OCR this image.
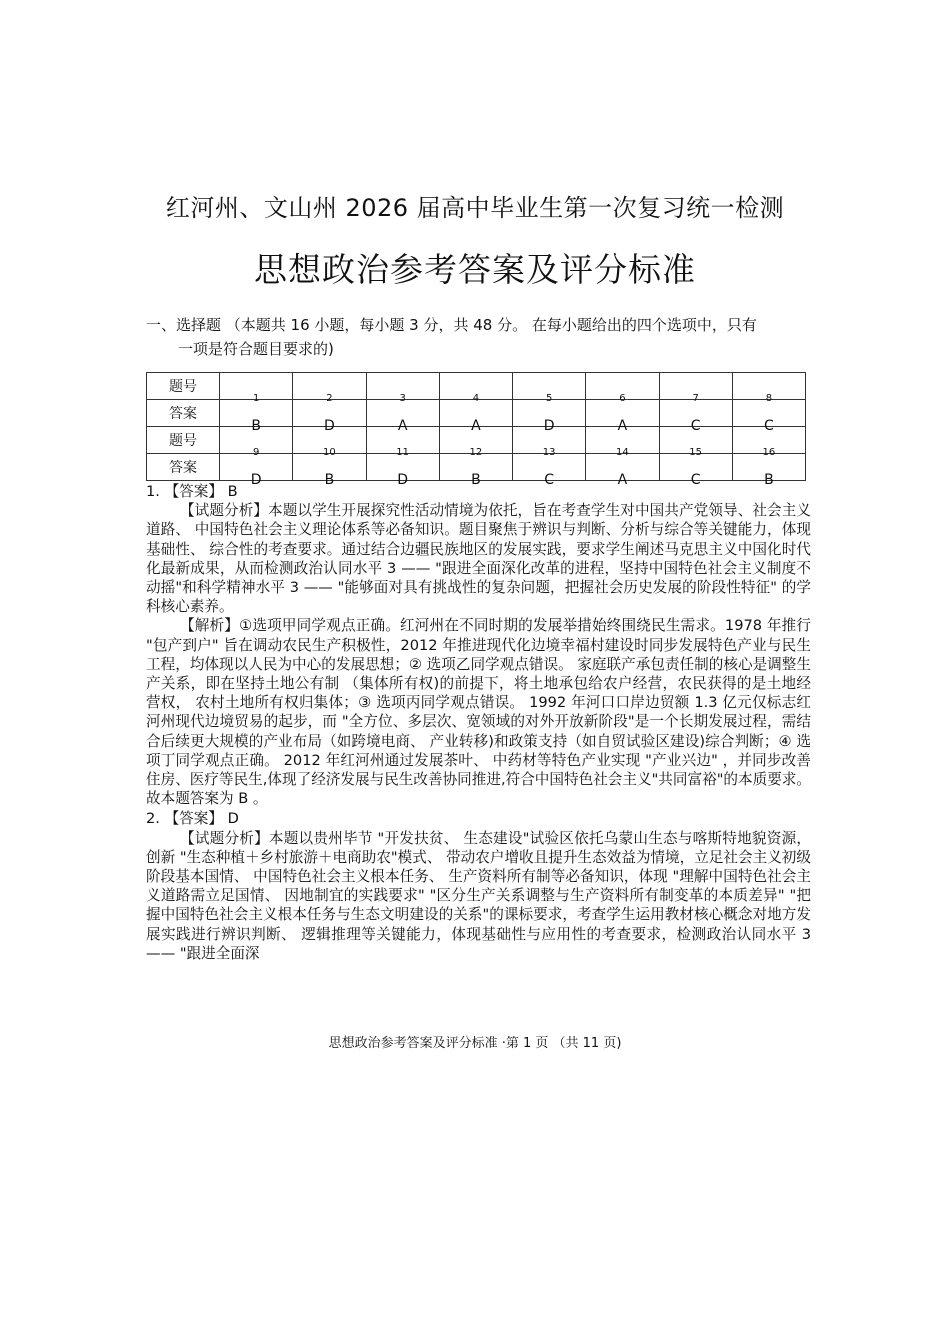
红河州、文山州 2026 届高中毕业生第一次复习统一检测
思想政治参考答案及评分标准
一、选择题 （本题共 16 小题，每小题 3 分，共 48 分。 在每小题给出的四个选项中，只有
一项是符合题目要求的)
题号	1	2	3	4	5	6	7	8

答案	B	D	A	A	D	A	C	C

题号	9	10	11	12	13	14	15	16

答案	D	B	D	B	C	A	C	B

1. 【答案】 B

【试题分析】本题以学生开展探究性活动情境为依托，旨在考查学生对中国共产党领导、社会主义道路、 中国特色社会主义理论体系等必备知识。题目聚焦于辨识与判断、分析与综合等关键能力，体现基础性、 综合性的考查要求。通过结合边疆民族地区的发展实践，要求学生阐述马克思主义中国化时代化最新成果，从而检测政治认同水平 3 —— "跟进全面深化改革的进程，坚持中国特色社会主义制度不动摇"和科学精神水平 3 —— "能够面对具有挑战性的复杂问题，把握社会历史发展的阶段性特征" 的学科核心素养。

【解析】①选项甲同学观点正确。红河州在不同时期的发展举措始终围绕民生需求。1978 年推行 "包产到户" 旨在调动农民生产积极性，2012 年推进现代化边境幸福村建设时同步发展特色产业与民生工程，均体现以人民为中心的发展思想；② 选项乙同学观点错误。 家庭联产承包责任制的核心是调整生产关系，即在坚持土地公有制 （集体所有权)的前提下，将土地承包给农户经营，农民获得的是土地经营权， 农村土地所有权归集体；③ 选项丙同学观点错误。 1992 年河口口岸边贸额 1.3 亿元仅标志红河州现代边境贸易的起步，而 "全方位、多层次、宽领域的对外开放新阶段"是一个长期发展过程，需结合后续更大规模的产业布局（如跨境电商、 产业转移)和政策支持（如自贸试验区建设)综合判断；④ 选项丁同学观点正确。 2012 年红河州通过发展茶叶、 中药材等特色产业实现 "产业兴边" ，并同步改善住房、医疗等民生,体现了经济发展与民生改善协同推进,符合中国特色社会主义"共同富裕"的本质要求。 故本题答案为 B 。

2. 【答案】 D

【试题分析】本题以贵州毕节 "开发扶贫、 生态建设"试验区依托乌蒙山生态与喀斯特地貌资源，创新 "生态种植＋乡村旅游＋电商助农"模式、 带动农户增收且提升生态效益为情境，立足社会主义初级阶段基本国情、 中国特色社会主义根本任务、 生产资料所有制等必备知识，体现 "理解中国特色社会主义道路需立足国情、 因地制宜的实践要求" "区分生产关系调整与生产资料所有制变革的本质差异" "把握中国特色社会主义根本任务与生态文明建设的关系"的课标要求，考查学生运用教材核心概念对地方发展实践进行辨识判断、 逻辑推理等关键能力，体现基础性与应用性的考查要求，检测政治认同水平 3 —— "跟进全面深

思想政治参考答案及评分标准 ·第 1 页 （共 11 页)
